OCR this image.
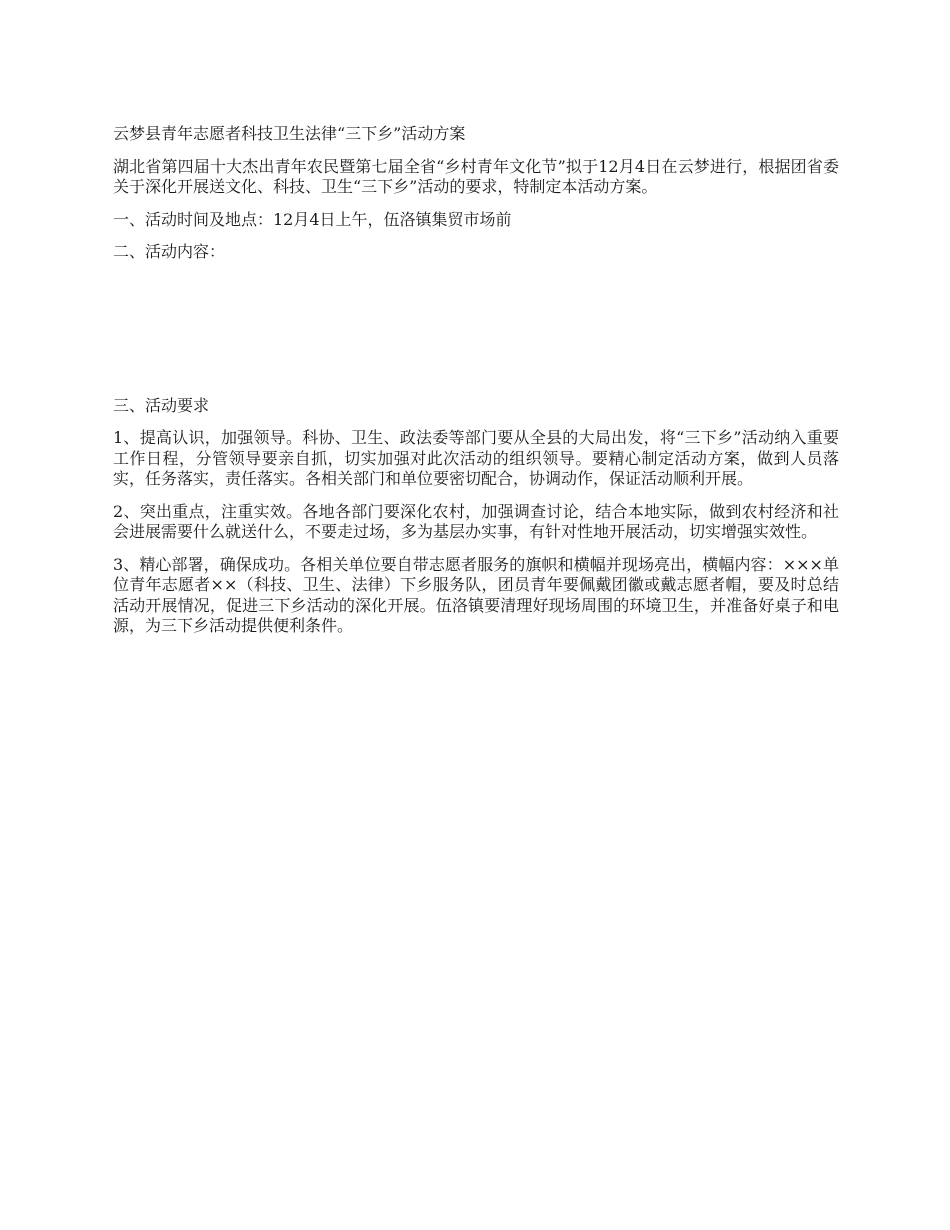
云梦县青年志愿者科技卫生法律“三下乡”活动方案

湖北省第四届十大杰出青年农民暨第七届全省“乡村青年文化节”拟于12月4日在云梦进行，根据团省委关于深化开展送文化、科技、卫生“三下乡”活动的要求，特制定本活动方案。

一、活动时间及地点：12月4日上午，伍洛镇集贸市场前

二、活动内容：

三、活动要求

1、提高认识，加强领导。科协、卫生、政法委等部门要从全县的大局出发，将“三下乡”活动纳入重要工作日程，分管领导要亲自抓，切实加强对此次活动的组织领导。要精心制定活动方案，做到人员落实，任务落实，责任落实。各相关部门和单位要密切配合，协调动作，保证活动顺利开展。

2、突出重点，注重实效。各地各部门要深化农村，加强调查讨论，结合本地实际，做到农村经济和社会进展需要什么就送什么，不要走过场，多为基层办实事，有针对性地开展活动，切实增强实效性。

3、精心部署，确保成功。各相关单位要自带志愿者服务的旗帜和横幅并现场亮出，横幅内容：×××单位青年志愿者××（科技、卫生、法律）下乡服务队，团员青年要佩戴团徽或戴志愿者帽，要及时总结活动开展情况，促进三下乡活动的深化开展。伍洛镇要清理好现场周围的环境卫生，并准备好桌子和电源，为三下乡活动提供便利条件。
